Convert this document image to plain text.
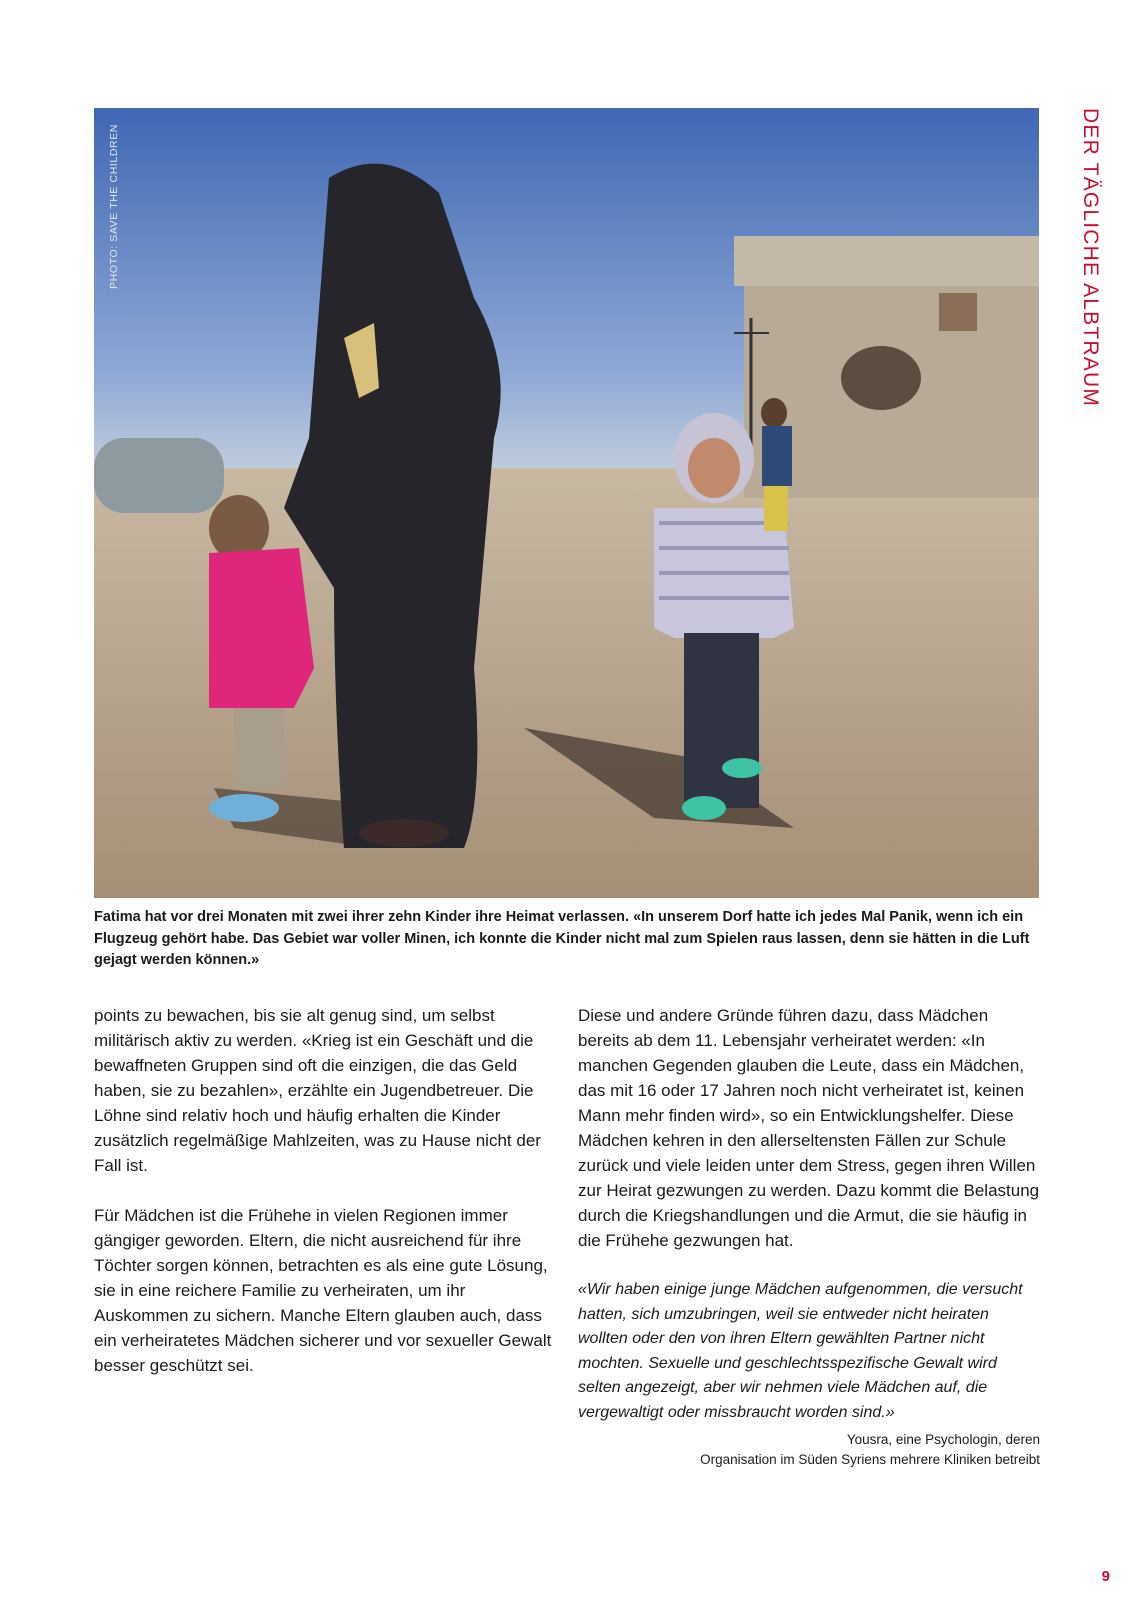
PHOTO: SAVE THE CHILDREN	DER TÄGLICHE ALBTRAUM

Fatima hat vor drei Monaten mit zwei ihrer zehn Kinder ihre Heimat verlassen. «In unserem Dorf hatte ich jedes Mal Panik, wenn ich ein Flugzeug gehört habe. Das Gebiet war voller Minen, ich konnte die Kinder nicht mal zum Spielen raus lassen, denn sie hätten in die Luft gejagt werden können.»

points zu bewachen, bis sie alt genug sind, um selbst militärisch aktiv zu werden. «Krieg ist ein Geschäft und die bewaffneten Gruppen sind oft die einzigen, die das Geld haben, sie zu bezahlen», erzählte ein Jugendbetreuer. Die Löhne sind relativ hoch und häufig erhalten die Kinder zusätzlich regelmäßige Mahlzeiten, was zu Hause nicht der Fall ist.

Für Mädchen ist die Frühehe in vielen Regionen immer gängiger geworden. Eltern, die nicht ausreichend für ihre Töchter sorgen können, betrachten es als eine gute Lösung, sie in eine reichere Familie zu verheiraten, um ihr Auskommen zu sichern. Manche Eltern glauben auch, dass ein verheiratetes Mädchen sicherer und vor sexueller Gewalt besser geschützt sei.

Diese und andere Gründe führen dazu, dass Mädchen bereits ab dem 11. Lebensjahr verheiratet werden: «In manchen Gegenden glauben die Leute, dass ein Mädchen, das mit 16 oder 17 Jahren noch nicht verheiratet ist, keinen Mann mehr finden wird», so ein Entwicklungshelfer. Diese Mädchen kehren in den allerseltensten Fällen zur Schule zurück und viele leiden unter dem Stress, gegen ihren Willen zur Heirat gezwungen zu werden. Dazu kommt die Belastung durch die Kriegshandlungen und die Armut, die sie häufig in die Frühehe gezwungen hat.

«Wir haben einige junge Mädchen aufgenommen, die versucht hatten, sich umzubringen, weil sie entweder nicht heiraten wollten oder den von ihren Eltern gewählten Partner nicht mochten. Sexuelle und geschlechtsspezifische Gewalt wird selten angezeigt, aber wir nehmen viele Mädchen auf, die vergewaltigt oder missbraucht worden sind.»

Yousra, eine Psychologin, deren
Organisation im Süden Syriens mehrere Kliniken betreibt

9
